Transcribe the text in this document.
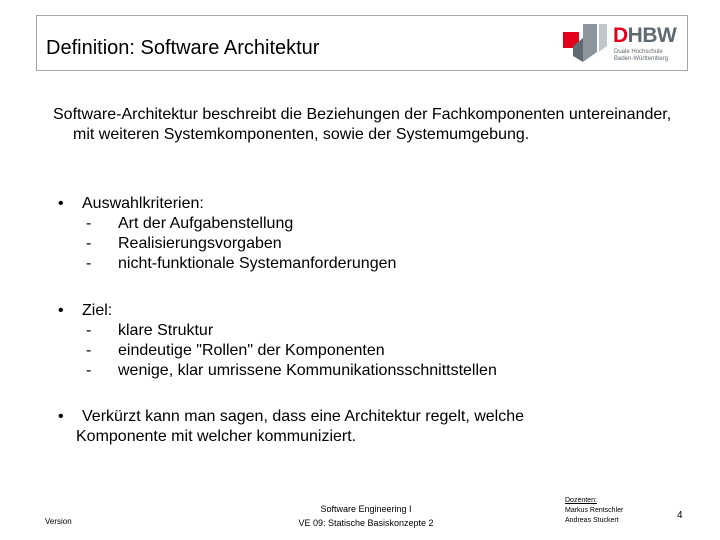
Definition: Software Architektur
DHBW
Duale Hochschule
Baden-Württemberg
Software-Architektur beschreibt die Beziehungen der Fachkomponenten untereinander, mit weiteren Systemkomponenten, sowie der Systemumgebung.
• Auswahlkriterien:
- Art der Aufgabenstellung
- Realisierungsvorgaben
- nicht-funktionale Systemanforderungen
• Ziel:
- klare Struktur
- eindeutige "Rollen" der Komponenten
- wenige, klar umrissene Kommunikationsschnittstellen
• Verkürzt kann man sagen, dass eine Architektur regelt, welche
Komponente mit welcher kommuniziert.
Version
Software Engineering I
VE 09: Statische Basiskonzepte 2
Dozenten:
Markus Rentschler
Andreas Stuckert	4
